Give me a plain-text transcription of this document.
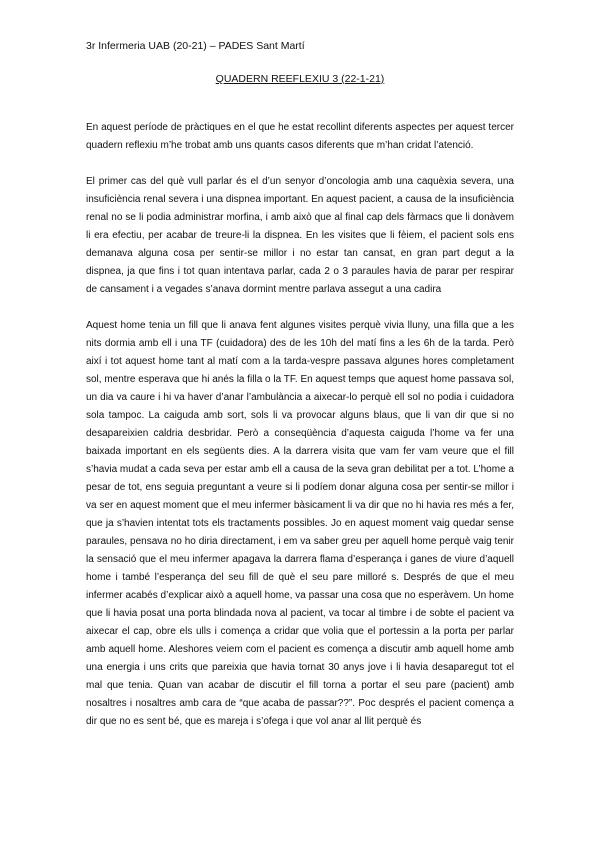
3r Infermeria UAB (20-21) – PADES Sant Martí

QUADERN REEFLEXIU 3 (22-1-21)

En aquest període de pràctiques en el que he estat recollint diferents aspectes per aquest tercer quadern reflexiu m’he trobat amb uns quants casos diferents que m’han cridat l’atenció.

El primer cas del què vull parlar és el d’un senyor d’oncologia amb una caquèxia severa, una insuficiència renal severa i una dispnea important. En aquest pacient, a causa de la insuficiència renal no se li podia administrar morfina, i amb això que al final cap dels fàrmacs que li donàvem li era efectiu, per acabar de treure-li la dispnea. En les visites que li fèiem, el pacient sols ens demanava alguna cosa per sentir-se millor i no estar tan cansat, en gran part degut a la dispnea, ja que fins i tot quan intentava parlar, cada 2 o 3 paraules havia de parar per respirar de cansament i a vegades s’anava dormint mentre parlava assegut a una cadira

Aquest home tenia un fill que li anava fent algunes visites perquè vivia lluny, una filla que a les nits dormia amb ell i una TF (cuidadora) des de les 10h del matí fins a les 6h de la tarda. Però així i tot aquest home tant al matí com a la tarda-vespre passava algunes hores completament sol, mentre esperava que hi anés la filla o la TF. En aquest temps que aquest home passava sol, un dia va caure i hi va haver d’anar l’ambulància a aixecar-lo perquè ell sol no podia i cuidadora sola tampoc. La caiguda amb sort, sols li va provocar alguns blaus, que li van dir que si no desapareixien caldria desbridar. Però a conseqüència d’aquesta caiguda l’home va fer una baixada important en els següents dies. A la darrera visita que vam fer vam veure que el fill s’havia mudat a cada seva per estar amb ell a causa de la seva gran debilitat per a tot. L’home a pesar de tot, ens seguia preguntant a veure si li podíem donar alguna cosa per sentir-se millor i va ser en aquest moment que el meu infermer bàsicament li va dir que no hi havia res més a fer, que ja s’havien intentat tots els tractaments possibles. Jo en aquest moment vaig quedar sense paraules, pensava no ho diria directament, i em va saber greu per aquell home perquè vaig tenir la sensació que el meu infermer apagava la darrera flama d’esperança i ganes de viure d’aquell home i també l’esperança del seu fill de què el seu pare milloré s. Després de que el meu infermer acabés d’explicar això a aquell home, va passar una cosa que no esperàvem. Un home que li havia posat una porta blindada nova al pacient, va tocar al timbre i de sobte el pacient va aixecar el cap, obre els ulls i comença a cridar que volia que el portessin a la porta per parlar amb aquell home. Aleshores veiem com el pacient es comença a discutir amb aquell home amb una energia i uns crits que pareixia que havia tornat 30 anys jove i li havia desaparegut tot el mal que tenia. Quan van acabar de discutir el fill torna a portar el seu pare (pacient) amb nosaltres i nosaltres amb cara de “que acaba de passar??”. Poc després el pacient comença a dir que no es sent bé, que es mareja i s’ofega i que vol anar al llit perquè és
